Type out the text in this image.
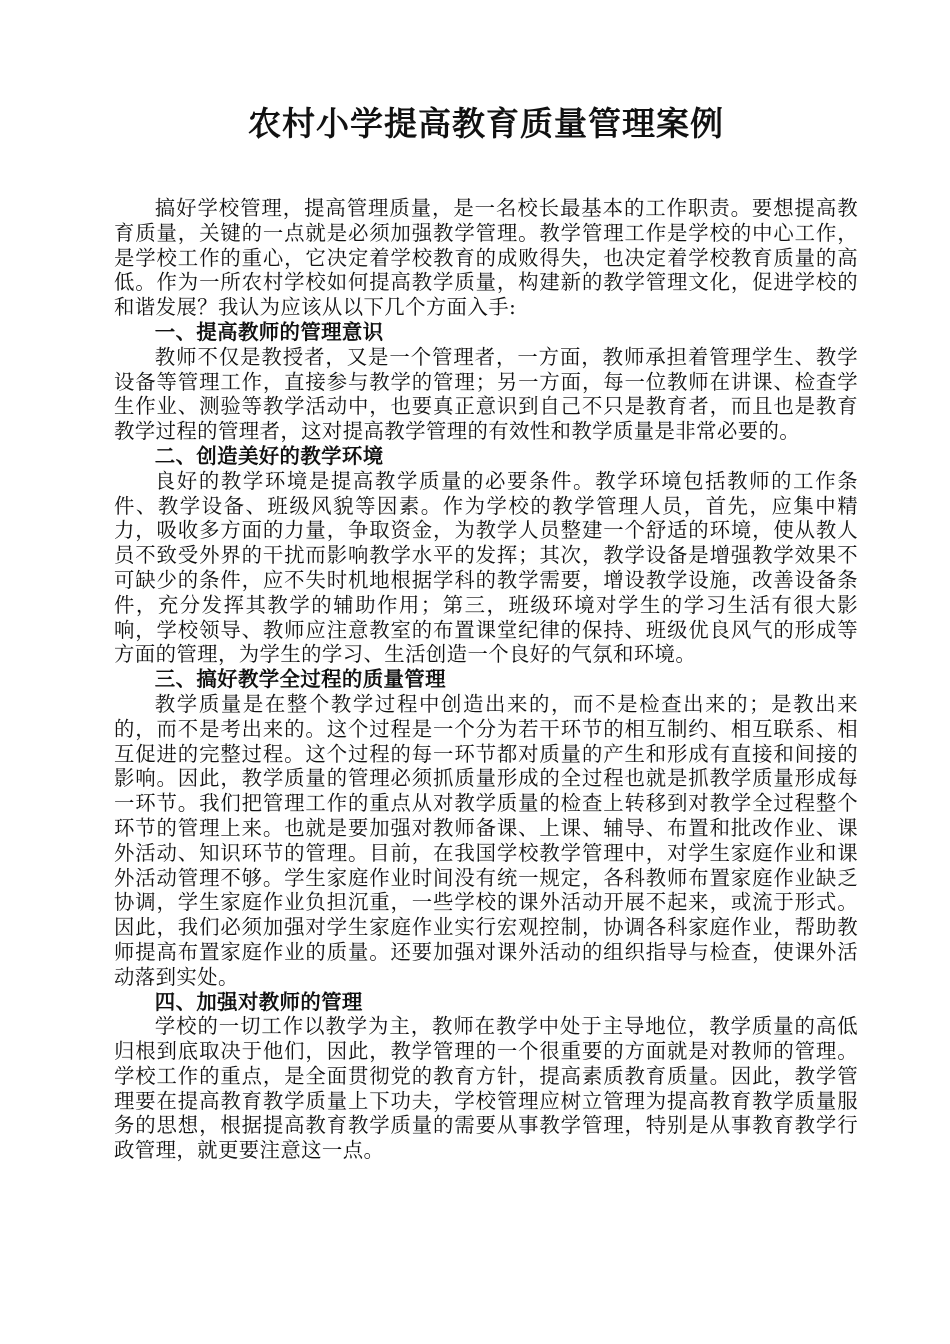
农村小学提高教育质量管理案例

搞好学校管理，提高管理质量，是一名校长最基本的工作职责。要想提高教育质量，关键的一点就是必须加强教学管理。教学管理工作是学校的中心工作，是学校工作的重心，它决定着学校教育的成败得失，也决定着学校教育质量的高低。作为一所农村学校如何提高教学质量，构建新的教学管理文化，促进学校的和谐发展？我认为应该从以下几个方面入手:

一、提高教师的管理意识

教师不仅是教授者，又是一个管理者，一方面，教师承担着管理学生、教学设备等管理工作，直接参与教学的管理；另一方面，每一位教师在讲课、检查学生作业、测验等教学活动中，也要真正意识到自己不只是教育者，而且也是教育教学过程的管理者，这对提高教学管理的有效性和教学质量是非常必要的。

二、创造美好的教学环境

良好的教学环境是提高教学质量的必要条件。教学环境包括教师的工作条件、教学设备、班级风貌等因素。作为学校的教学管理人员，首先，应集中精力，吸收多方面的力量，争取资金，为教学人员整建一个舒适的环境，使从教人员不致受外界的干扰而影响教学水平的发挥；其次，教学设备是增强教学效果不可缺少的条件，应不失时机地根据学科的教学需要，增设教学设施，改善设备条件，充分发挥其教学的辅助作用；第三，班级环境对学生的学习生活有很大影响，学校领导、教师应注意教室的布置课堂纪律的保持、班级优良风气的形成等方面的管理，为学生的学习、生活创造一个良好的气氛和环境。

三、搞好教学全过程的质量管理

教学质量是在整个教学过程中创造出来的，而不是检查出来的；是教出来的，而不是考出来的。这个过程是一个分为若干环节的相互制约、相互联系、相互促进的完整过程。这个过程的每一环节都对质量的产生和形成有直接和间接的影响。因此，教学质量的管理必须抓质量形成的全过程也就是抓教学质量形成每一环节。我们把管理工作的重点从对教学质量的检查上转移到对教学全过程整个环节的管理上来。也就是要加强对教师备课、上课、辅导、布置和批改作业、课外活动、知识环节的管理。目前，在我国学校教学管理中，对学生家庭作业和课外活动管理不够。学生家庭作业时间没有统一规定，各科教师布置家庭作业缺乏协调，学生家庭作业负担沉重，一些学校的课外活动开展不起来，或流于形式。因此，我们必须加强对学生家庭作业实行宏观控制，协调各科家庭作业，帮助教师提高布置家庭作业的质量。还要加强对课外活动的组织指导与检查，使课外活动落到实处。

四、加强对教师的管理

学校的一切工作以教学为主，教师在教学中处于主导地位，教学质量的高低归根到底取决于他们，因此，教学管理的一个很重要的方面就是对教师的管理。学校工作的重点，是全面贯彻党的教育方针，提高素质教育质量。因此，教学管理要在提高教育教学质量上下功夫，学校管理应树立管理为提高教育教学质量服务的思想，根据提高教育教学质量的需要从事教学管理，特别是从事教育教学行政管理，就更要注意这一点。
